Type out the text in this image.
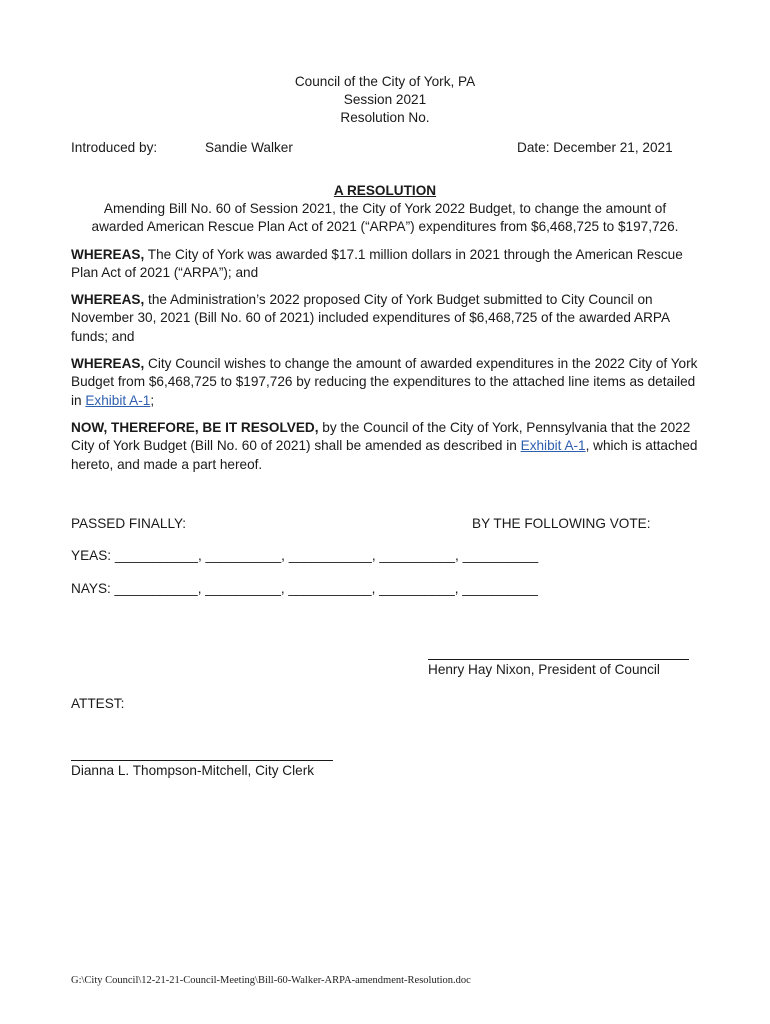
Council of the City of York, PA
Session 2021
Resolution No.
Introduced by:	Sandie Walker	Date: December 21, 2021
A RESOLUTION
Amending Bill No. 60 of Session 2021, the City of York 2022 Budget, to change the amount of
awarded American Rescue Plan Act of 2021 (“ARPA”) expenditures from $6,468,725 to $197,726.
WHEREAS, The City of York was awarded $17.1 million dollars in 2021 through the American Rescue Plan Act of 2021 (“ARPA”); and
WHEREAS, the Administration’s 2022 proposed City of York Budget submitted to City Council on November 30, 2021 (Bill No. 60 of 2021) included expenditures of $6,468,725 of the awarded ARPA funds; and
WHEREAS, City Council wishes to change the amount of awarded expenditures in the 2022 City of York Budget from $6,468,725 to $197,726 by reducing the expenditures to the attached line items as detailed in Exhibit A-1;
NOW, THEREFORE, BE IT RESOLVED, by the Council of the City of York, Pennsylvania that the 2022 City of York Budget (Bill No. 60 of 2021) shall be amended as described in Exhibit A-1, which is attached hereto, and made a part hereof.
PASSED FINALLY:	BY THE FOLLOWING VOTE:
YEAS: ___________, __________, ___________, __________, __________
NAYS: ___________, __________, ___________, __________, __________
Henry Hay Nixon, President of Council
ATTEST:
Dianna L. Thompson-Mitchell, City Clerk
G:\City Council\12-21-21-Council-Meeting\Bill-60-Walker-ARPA-amendment-Resolution.doc
